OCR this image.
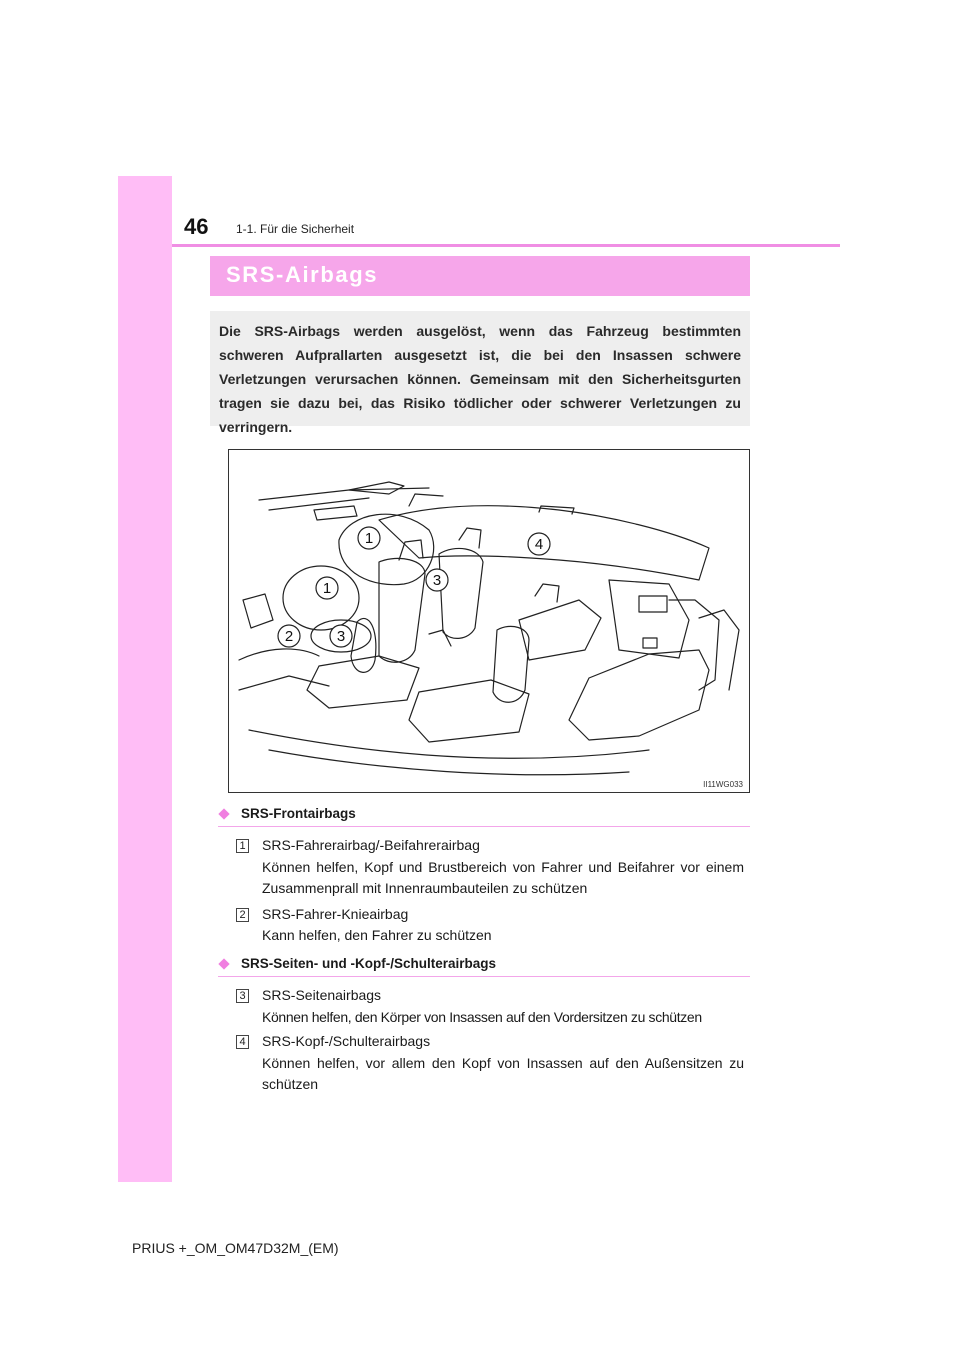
46 1-1. Für die Sicherheit
SRS-Airbags

Die SRS-Airbags werden ausgelöst, wenn das Fahrzeug bestimmten schweren Aufprallarten ausgesetzt ist, die bei den Insassen schwere Verletzungen verursachen können. Gemeinsam mit den Sicherheitsgurten tragen sie dazu bei, das Risiko tödlicher oder schwerer Verletzungen zu verringern.

1
1
2	3
3
4
II11WG033
SRS-Frontairbags
1 SRS-Fahrerairbag/-Beifahrerairbag

Können helfen, Kopf und Brustbereich von Fahrer und Beifahrer vor einem Zusammenprall mit Innenraumbauteilen zu schützen

2 SRS-Fahrer-Knieairbag

Kann helfen, den Fahrer zu schützen

SRS-Seiten- und -Kopf-/Schulterairbags
3 SRS-Seitenairbags

Können helfen, den Körper von Insassen auf den Vordersitzen zu schützen

4 SRS-Kopf-/Schulterairbags

Können helfen, vor allem den Kopf von Insassen auf den Außensitzen zu schützen

PRIUS +_OM_OM47D32M_(EM)
